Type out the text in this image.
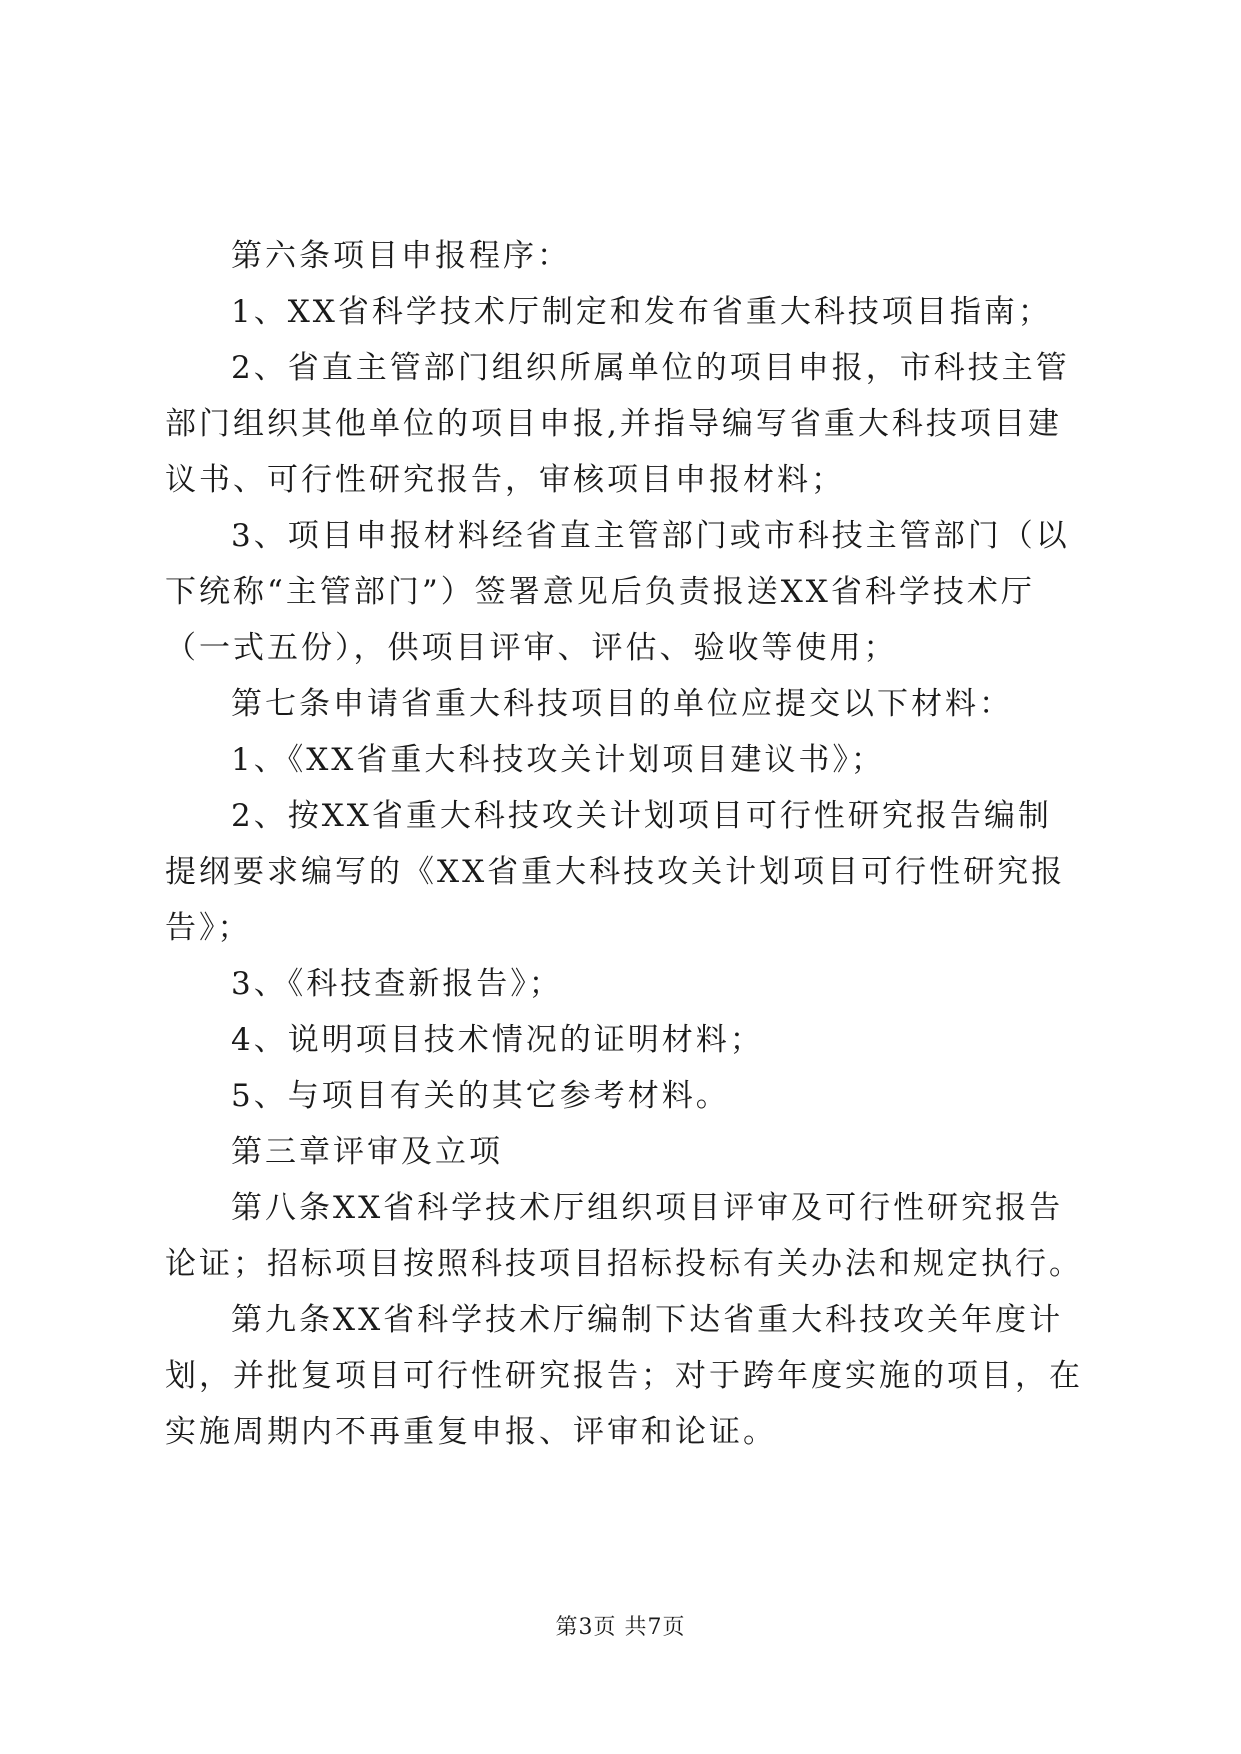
第六条项目申报程序：

1、XX省科学技术厅制定和发布省重大科技项目指南；

2、省直主管部门组织所属单位的项目申报，市科技主管部门组织其他单位的项目申报,并指导编写省重大科技项目建议书、可行性研究报告，审核项目申报材料；

3、项目申报材料经省直主管部门或市科技主管部门（以下统称“主管部门”）签署意见后负责报送XX省科学技术厅（一式五份），供项目评审、评估、验收等使用；

第七条申请省重大科技项目的单位应提交以下材料：

1、《XX省重大科技攻关计划项目建议书》；

2、按XX省重大科技攻关计划项目可行性研究报告编制提纲要求编写的《XX省重大科技攻关计划项目可行性研究报告》；

3、《科技查新报告》；

4、说明项目技术情况的证明材料；

5、与项目有关的其它参考材料。

第三章评审及立项

第八条XX省科学技术厅组织项目评审及可行性研究报告论证；招标项目按照科技项目招标投标有关办法和规定执行。

第九条XX省科学技术厅编制下达省重大科技攻关年度计划，并批复项目可行性研究报告；对于跨年度实施的项目，在实施周期内不再重复申报、评审和论证。

第3页 共7页
